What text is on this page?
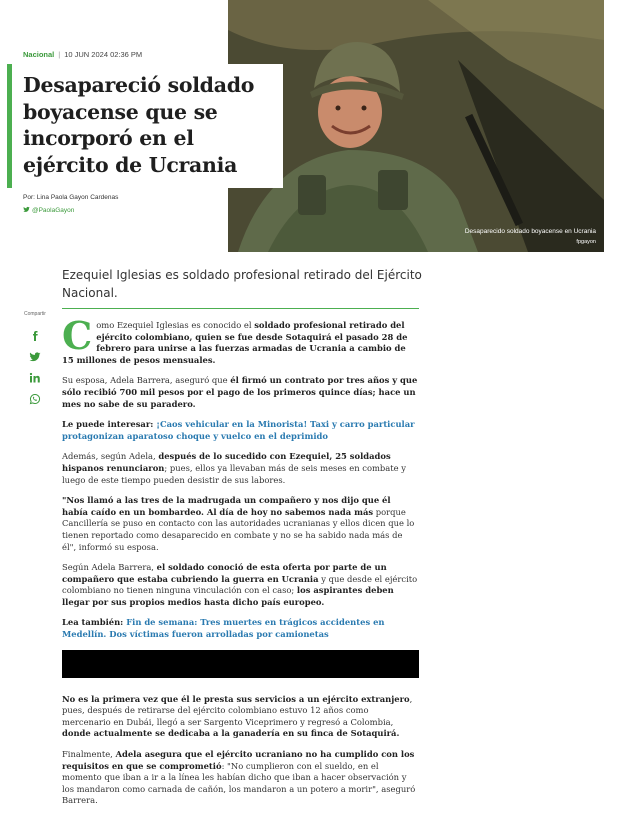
Desaparecido soldado boyacense en Ucrania
fpgayon
Nacional | 10 JUN 2024 02:36 PM
Desapareció soldado boyacense que se incorporó en el ejército de Ucrania
Por: Lina Paola Gayon Cardenas
@PaolaGayon

Ezequiel Iglesias es soldado profesional retirado del Ejército Nacional.

Compartir Como Ezequiel Iglesias es conocido el soldado profesional retirado del ejército colombiano, quien se fue desde Sotaquirá el pasado 28 de febrero para unirse a las fuerzas armadas de Ucrania a cambio de 15 millones de pesos mensuales.

Su esposa, Adela Barrera, aseguró que él firmó un contrato por tres años y que sólo recibió 700 mil pesos por el pago de los primeros quince días; hace un mes no sabe de su paradero.

Le puede interesar: ¡Caos vehicular en la Minorista! Taxi y carro particular protagonizan aparatoso choque y vuelco en el deprimido

Además, según Adela, después de lo sucedido con Ezequiel, 25 soldados hispanos renunciaron; pues, ellos ya llevaban más de seis meses en combate y luego de este tiempo pueden desistir de sus labores.

"Nos llamó a las tres de la madrugada un compañero y nos dijo que él había caído en un bombardeo. Al día de hoy no sabemos nada más porque Cancillería se puso en contacto con las autoridades ucranianas y ellos dicen que lo tienen reportado como desaparecido en combate y no se ha sabido nada más de él", informó su esposa.

Según Adela Barrera, el soldado conoció de esta oferta por parte de un compañero que estaba cubriendo la guerra en Ucrania y que desde el ejército colombiano no tienen ninguna vinculación con el caso; los aspirantes deben llegar por sus propios medios hasta dicho país europeo.

Lea también: Fin de semana: Tres muertes en trágicos accidentes en Medellín. Dos víctimas fueron arrolladas por camionetas

No es la primera vez que él le presta sus servicios a un ejército extranjero, pues, después de retirarse del ejército colombiano estuvo 12 años como mercenario en Dubái, llegó a ser Sargento Viceprimero y regresó a Colombia, donde actualmente se dedicaba a la ganadería en su finca de Sotaquirá.

Finalmente, Adela asegura que el ejército ucraniano no ha cumplido con los requisitos en que se comprometió: "No cumplieron con el sueldo, en el momento que iban a ir a la línea les habían dicho que iban a hacer observación y los mandaron como carnada de cañón, los mandaron a un potero a morir", aseguró Barrera.
